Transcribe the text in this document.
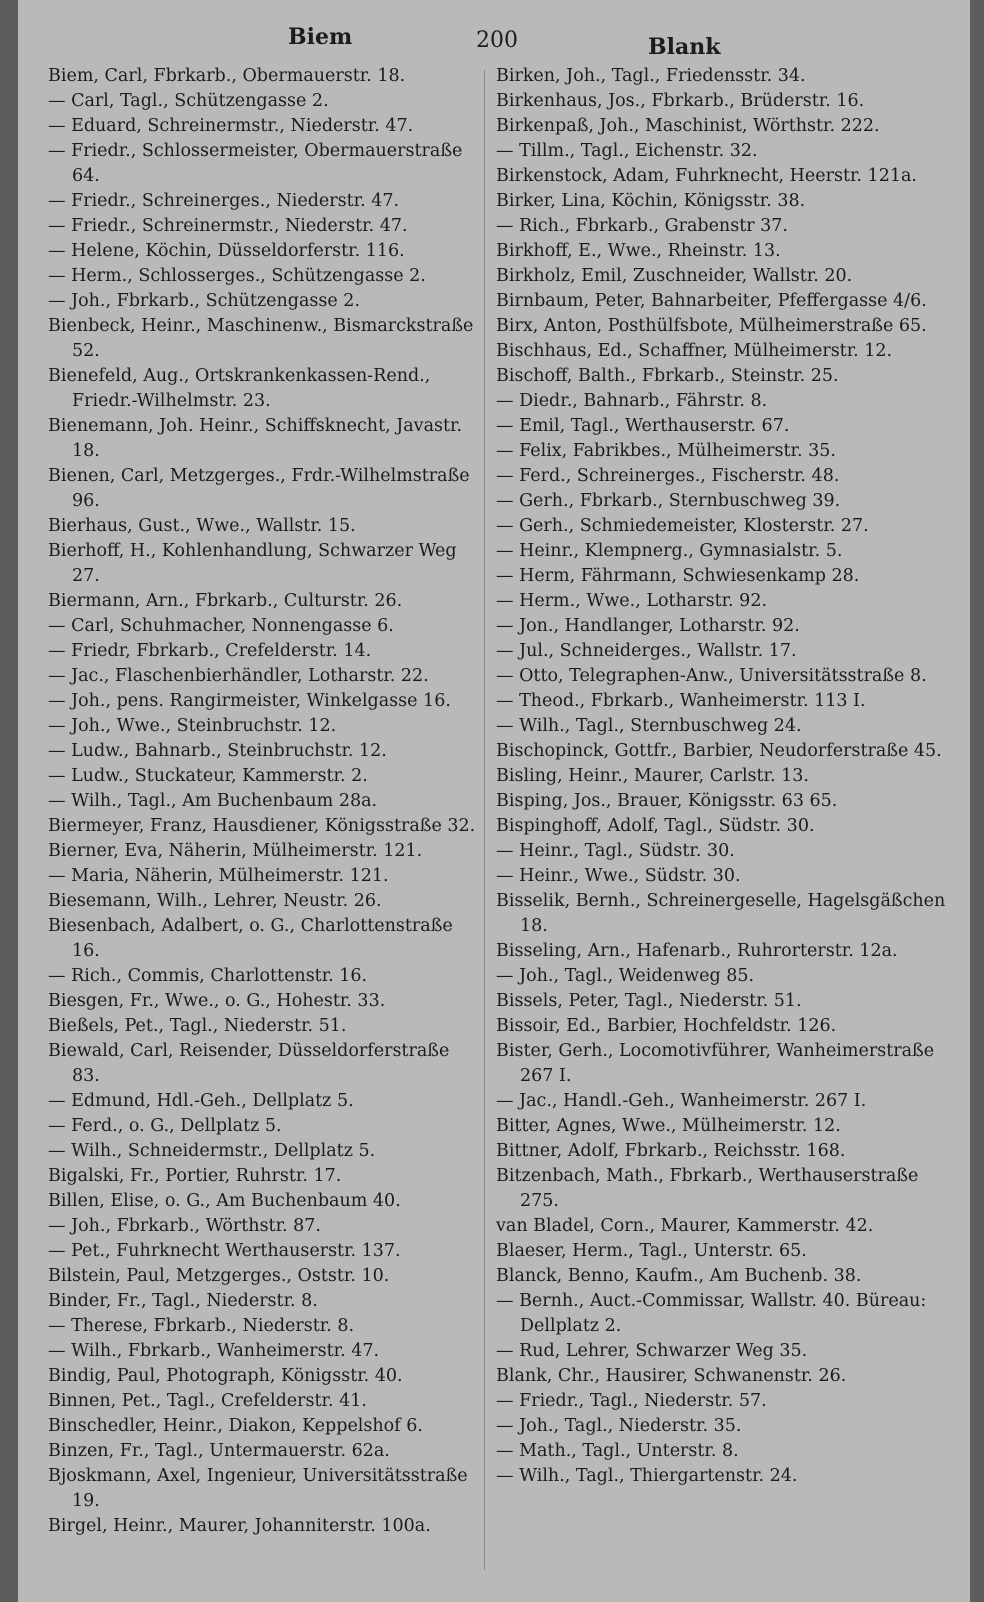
Biem	200	Blank

Biem, Carl, Fbrkarb., Obermauerstr. 18.

— Carl, Tagl., Schützengasse 2.

— Eduard, Schreinermstr., Niederstr. 47.

— Friedr., Schlossermeister, Obermauerstraße 64.

— Friedr., Schreinerges., Niederstr. 47.

— Friedr., Schreinermstr., Niederstr. 47.

— Helene, Köchin, Düsseldorferstr. 116.

— Herm., Schlosserges., Schützengasse 2.

— Joh., Fbrkarb., Schützengasse 2.

Bienbeck, Heinr., Maschinenw., Bismarckstraße 52.

Bienefeld, Aug., Ortskrankenkassen-Rend., Friedr.-Wilhelmstr. 23.

Bienemann, Joh. Heinr., Schiffsknecht, Javastr. 18.

Bienen, Carl, Metzgerges., Frdr.-Wilhelmstraße 96.

Bierhaus, Gust., Wwe., Wallstr. 15.

Bierhoff, H., Kohlenhandlung, Schwarzer Weg 27.

Biermann, Arn., Fbrkarb., Culturstr. 26.

— Carl, Schuhmacher, Nonnengasse 6.

— Friedr, Fbrkarb., Crefelderstr. 14.

— Jac., Flaschenbierhändler, Lotharstr. 22.

— Joh., pens. Rangirmeister, Winkelgasse 16.

— Joh., Wwe., Steinbruchstr. 12.

— Ludw., Bahnarb., Steinbruchstr. 12.

— Ludw., Stuckateur, Kammerstr. 2.

— Wilh., Tagl., Am Buchenbaum 28a.

Biermeyer, Franz, Hausdiener, Königsstraße 32.

Bierner, Eva, Näherin, Mülheimerstr. 121.

— Maria, Näherin, Mülheimerstr. 121.

Biesemann, Wilh., Lehrer, Neustr. 26.

Biesenbach, Adalbert, o. G., Charlottenstraße 16.

— Rich., Commis, Charlottenstr. 16.

Biesgen, Fr., Wwe., o. G., Hohestr. 33.

Bießels, Pet., Tagl., Niederstr. 51.

Biewald, Carl, Reisender, Düsseldorferstraße 83.

— Edmund, Hdl.-Geh., Dellplatz 5.

— Ferd., o. G., Dellplatz 5.

— Wilh., Schneidermstr., Dellplatz 5.

Bigalski, Fr., Portier, Ruhrstr. 17.

Billen, Elise, o. G., Am Buchenbaum 40.

— Joh., Fbrkarb., Wörthstr. 87.

— Pet., Fuhrknecht Werthauserstr. 137.

Bilstein, Paul, Metzgerges., Oststr. 10.

Binder, Fr., Tagl., Niederstr. 8.

— Therese, Fbrkarb., Niederstr. 8.

— Wilh., Fbrkarb., Wanheimerstr. 47.

Bindig, Paul, Photograph, Königsstr. 40.

Binnen, Pet., Tagl., Crefelderstr. 41.

Binschedler, Heinr., Diakon, Keppelshof 6.

Binzen, Fr., Tagl., Untermauerstr. 62a.

Bjoskmann, Axel, Ingenieur, Universitätsstraße 19.

Birgel, Heinr., Maurer, Johanniterstr. 100a.

Birken, Joh., Tagl., Friedensstr. 34.

Birkenhaus, Jos., Fbrkarb., Brüderstr. 16.

Birkenpaß, Joh., Maschinist, Wörthstr. 222.

— Tillm., Tagl., Eichenstr. 32.

Birkenstock, Adam, Fuhrknecht, Heerstr. 121a.

Birker, Lina, Köchin, Königsstr. 38.

— Rich., Fbrkarb., Grabenstr 37.

Birkhoff, E., Wwe., Rheinstr. 13.

Birkholz, Emil, Zuschneider, Wallstr. 20.

Birnbaum, Peter, Bahnarbeiter, Pfeffergasse 4/6.

Birx, Anton, Posthülfsbote, Mülheimerstraße 65.

Bischhaus, Ed., Schaffner, Mülheimerstr. 12.

Bischoff, Balth., Fbrkarb., Steinstr. 25.

— Diedr., Bahnarb., Fährstr. 8.

— Emil, Tagl., Werthauserstr. 67.

— Felix, Fabrikbes., Mülheimerstr. 35.

— Ferd., Schreinerges., Fischerstr. 48.

— Gerh., Fbrkarb., Sternbuschweg 39.

— Gerh., Schmiedemeister, Klosterstr. 27.

— Heinr., Klempnerg., Gymnasialstr. 5.

— Herm, Fährmann, Schwiesenkamp 28.

— Herm., Wwe., Lotharstr. 92.

— Jon., Handlanger, Lotharstr. 92.

— Jul., Schneiderges., Wallstr. 17.

— Otto, Telegraphen-Anw., Universitätsstraße 8.

— Theod., Fbrkarb., Wanheimerstr. 113 I.

— Wilh., Tagl., Sternbuschweg 24.

Bischopinck, Gottfr., Barbier, Neudorferstraße 45.

Bisling, Heinr., Maurer, Carlstr. 13.

Bisping, Jos., Brauer, Königsstr. 63 65.

Bispinghoff, Adolf, Tagl., Südstr. 30.

— Heinr., Tagl., Südstr. 30.

— Heinr., Wwe., Südstr. 30.

Bisselik, Bernh., Schreinergeselle, Hagelsgäßchen 18.

Bisseling, Arn., Hafenarb., Ruhrorterstr. 12a.

— Joh., Tagl., Weidenweg 85.

Bissels, Peter, Tagl., Niederstr. 51.

Bissoir, Ed., Barbier, Hochfeldstr. 126.

Bister, Gerh., Locomotivführer, Wanheimerstraße 267 I.

— Jac., Handl.-Geh., Wanheimerstr. 267 I.

Bitter, Agnes, Wwe., Mülheimerstr. 12.

Bittner, Adolf, Fbrkarb., Reichsstr. 168.

Bitzenbach, Math., Fbrkarb., Werthauserstraße 275.

van Bladel, Corn., Maurer, Kammerstr. 42.

Blaeser, Herm., Tagl., Unterstr. 65.

Blanck, Benno, Kaufm., Am Buchenb. 38.

— Bernh., Auct.-Commissar, Wallstr. 40. Büreau: Dellplatz 2.

— Rud, Lehrer, Schwarzer Weg 35.

Blank, Chr., Hausirer, Schwanenstr. 26.

— Friedr., Tagl., Niederstr. 57.

— Joh., Tagl., Niederstr. 35.

— Math., Tagl., Unterstr. 8.

— Wilh., Tagl., Thiergartenstr. 24.
